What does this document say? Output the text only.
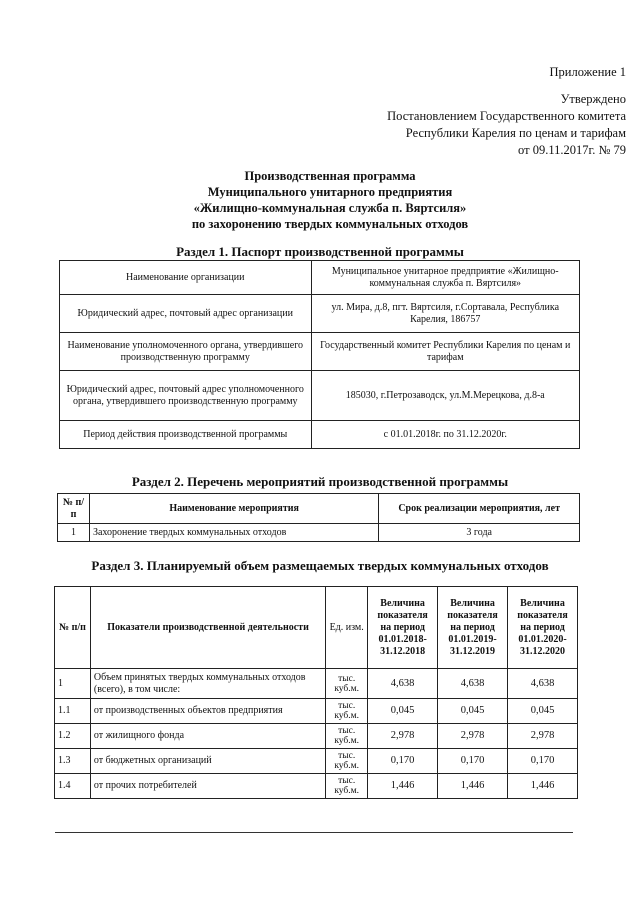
Приложение 1
Утверждено
Постановлением Государственного комитета
Республики Карелия по ценам и тарифам
от 09.11.2017г. № 79
Производственная программа
Муниципального унитарного предприятия
«Жилищно-коммунальная служба п. Вяртсиля»
по захоронению твердых коммунальных отходов
Раздел 1. Паспорт производственной программы
Наименование организации	Муниципальное унитарное предприятие «Жилищно-коммунальная служба п. Вяртсиля»
Юридический адрес, почтовый адрес организации	ул. Мира, д.8, пгт. Вяртсиля, г.Сортавала, Республика Карелия, 186757
Наименование уполномоченного органа, утвердившего производственную программу	Государственный комитет Республики Карелия по ценам и тарифам
Юридический адрес, почтовый адрес уполномоченного органа, утвердившего производственную программу	185030, г.Петрозаводск, ул.М.Мерецкова, д.8-а
Период действия производственной программы	с 01.01.2018г. по 31.12.2020г.
Раздел 2. Перечень мероприятий производственной программы
№ п/п	Наименование мероприятия	Срок реализации мероприятия, лет
1	Захоронение твердых коммунальных отходов	3 года
Раздел 3. Планируемый объем размещаемых твердых коммунальных отходов
№ п/п	Показатели производственной деятельности	Ед. изм.	Величина показателя на период 01.01.2018-31.12.2018	Величина показателя на период 01.01.2019-31.12.2019	Величина показателя на период 01.01.2020-31.12.2020
1	Объем принятых твердых коммунальных отходов (всего), в том числе:	тыс. куб.м.	4,638	4,638	4,638
1.1	от производственных объектов предприятия	тыс. куб.м.	0,045	0,045	0,045
1.2	от жилищного фонда	тыс. куб.м.	2,978	2,978	2,978
1.3	от бюджетных организаций	тыс. куб.м.	0,170	0,170	0,170
1.4	от прочих потребителей	тыс. куб.м.	1,446	1,446	1,446
